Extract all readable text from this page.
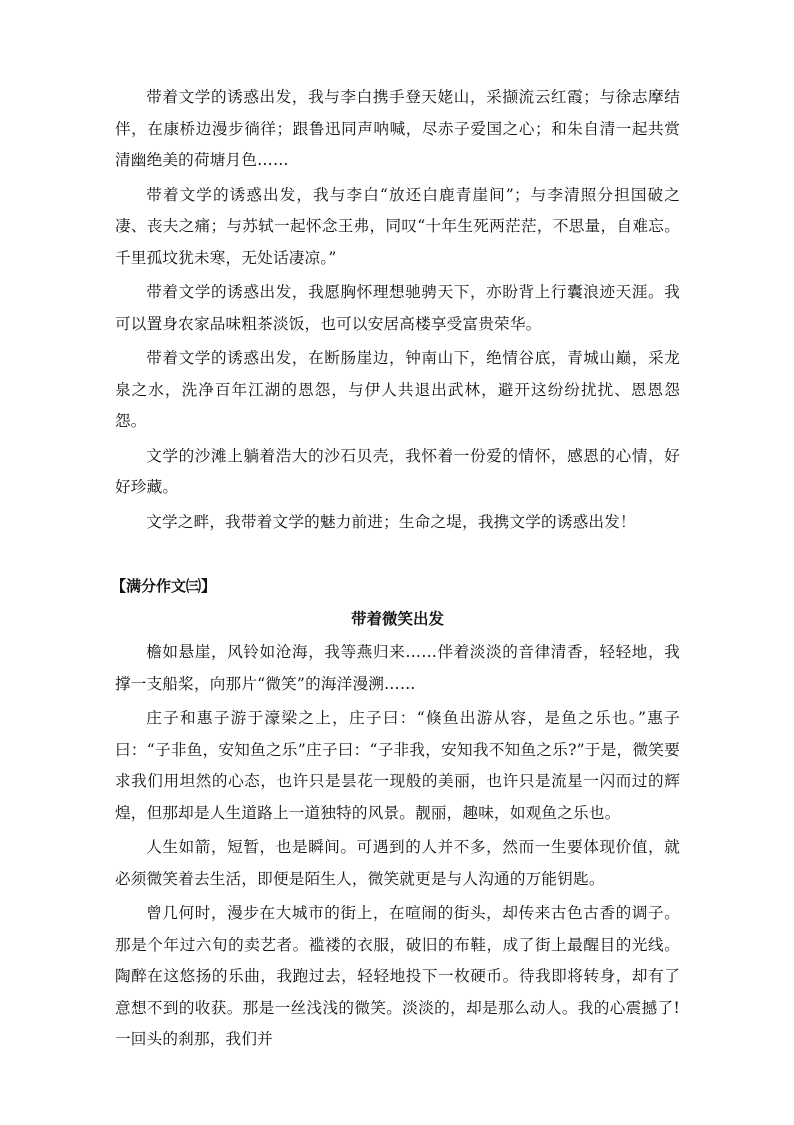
带着文学的诱惑出发，我与李白携手登天姥山，采撷流云红霞；与徐志摩结伴，在康桥边漫步徜徉；跟鲁迅同声呐喊，尽赤子爱国之心；和朱自清一起共赏清幽绝美的荷塘月色……

带着文学的诱惑出发，我与李白“放还白鹿青崖间”；与李清照分担国破之凄、丧夫之痛；与苏轼一起怀念王弗，同叹“十年生死两茫茫，不思量，自难忘。千里孤坟犹未寒，无处话凄凉。”

带着文学的诱惑出发，我愿胸怀理想驰骋天下，亦盼背上行囊浪迹天涯。我可以置身农家品味粗茶淡饭，也可以安居高楼享受富贵荣华。

带着文学的诱惑出发，在断肠崖边，钟南山下，绝情谷底，青城山巅，采龙泉之水，洗净百年江湖的恩怨，与伊人共退出武林，避开这纷纷扰扰、恩恩怨怨。

文学的沙滩上躺着浩大的沙石贝壳，我怀着一份爱的情怀，感恩的心情，好好珍藏。

文学之畔，我带着文学的魅力前进；生命之堤，我携文学的诱惑出发！

【满分作文㈢】
带着微笑出发

檐如悬崖，风铃如沧海，我等燕归来……伴着淡淡的音律清香，轻轻地，我撑一支船桨，向那片“微笑”的海洋漫溯……

庄子和惠子游于濠梁之上，庄子曰：“倏鱼出游从容，是鱼之乐也。”惠子曰：“子非鱼，安知鱼之乐”庄子曰：“子非我，安知我不知鱼之乐?”于是，微笑要求我们用坦然的心态，也许只是昙花一现般的美丽，也许只是流星一闪而过的辉煌，但那却是人生道路上一道独特的风景。靓丽，趣味，如观鱼之乐也。

人生如箭，短暂，也是瞬间。可遇到的人并不多，然而一生要体现价值，就必须微笑着去生活，即便是陌生人，微笑就更是与人沟通的万能钥匙。

曾几何时，漫步在大城市的街上，在喧闹的街头，却传来古色古香的调子。那是个年过六旬的卖艺者。褴褛的衣服，破旧的布鞋，成了街上最醒目的光线。陶醉在这悠扬的乐曲，我跑过去，轻轻地投下一枚硬币。待我即将转身，却有了意想不到的收获。那是一丝浅浅的微笑。淡淡的，却是那么动人。我的心震撼了!一回头的刹那，我们并
